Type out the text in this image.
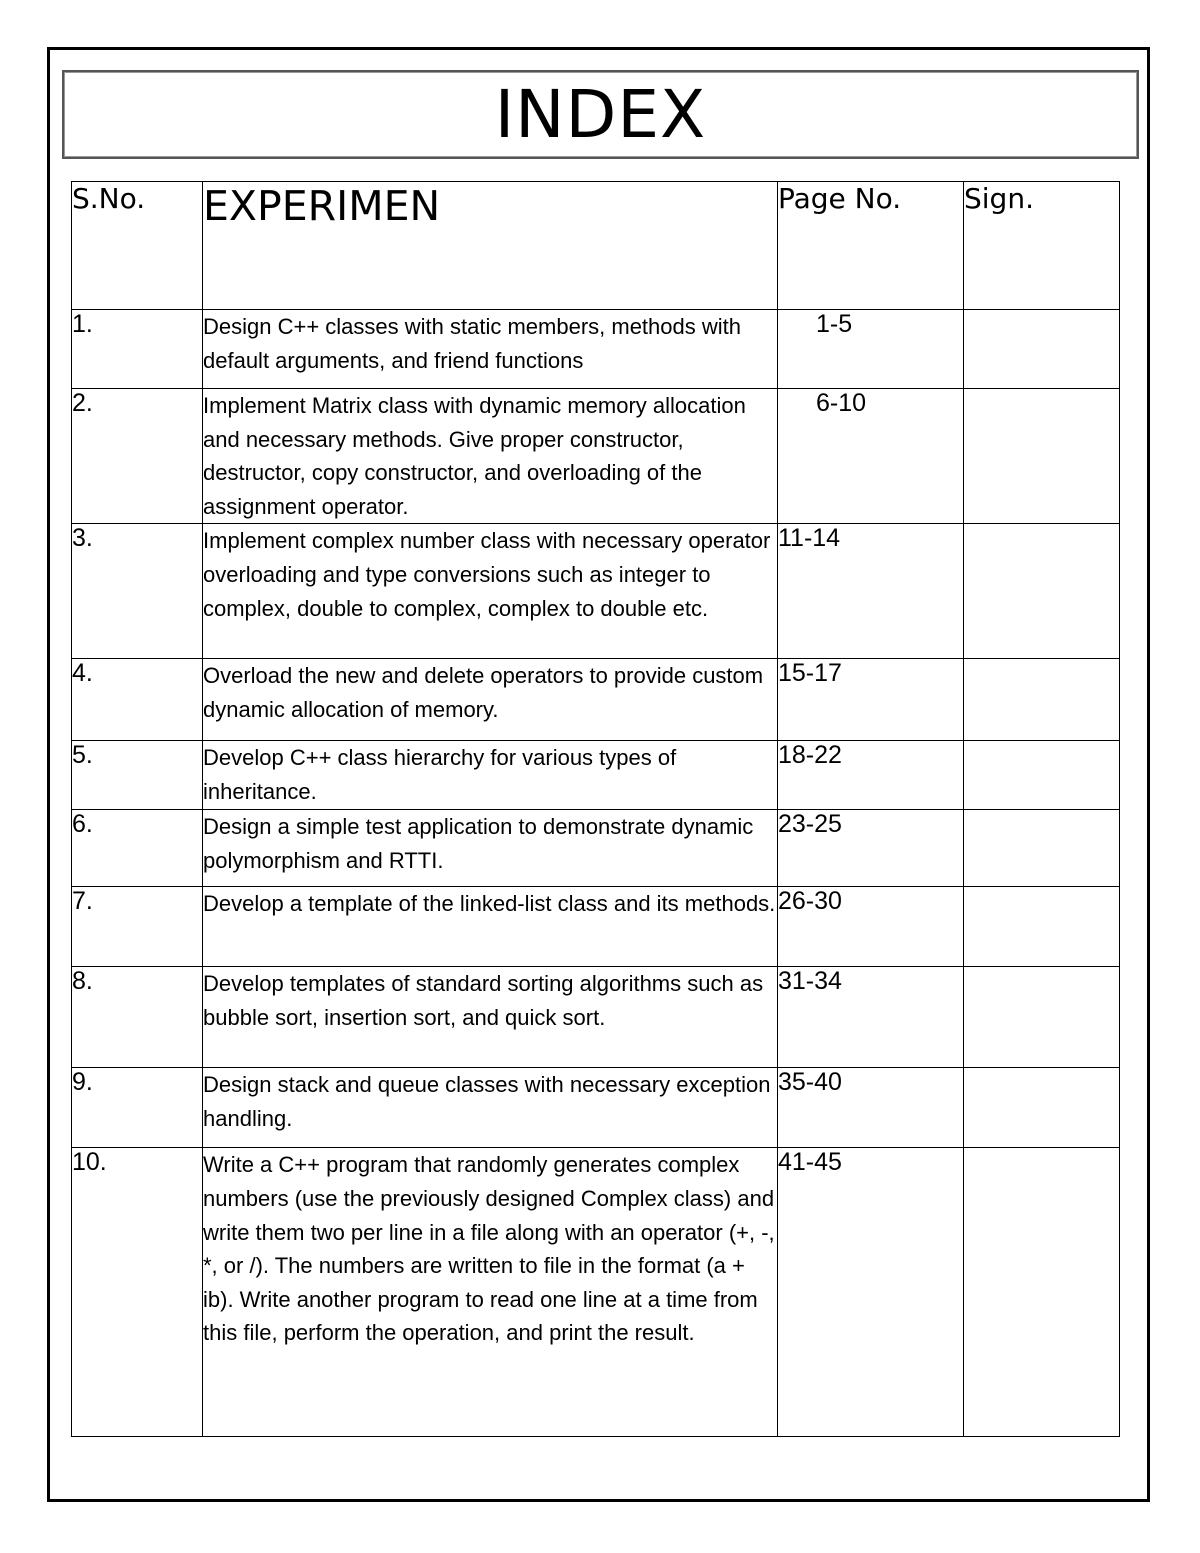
INDEX
S.No.	EXPERIMEN	Page No.	Sign.
1.	Design C++ classes with static members, methods with default arguments, and friend functions	1-5	
2.	Implement Matrix class with dynamic memory allocation and necessary methods. Give proper constructor, destructor, copy constructor, and overloading of the assignment operator.	6-10	
3.	Implement complex number class with necessary operator overloading and type conversions such as integer to complex, double to complex, complex to double etc.	11-14	
4.	Overload the new and delete operators to provide custom dynamic allocation of memory.	15-17	
5.	Develop C++ class hierarchy for various types of inheritance.	18-22	
6.	Design a simple test application to demonstrate dynamic polymorphism and RTTI.	23-25	
7.	Develop a template of the linked-list class and its methods.	26-30	
8.	Develop templates of standard sorting algorithms such as bubble sort, insertion sort, and quick sort.	31-34	
9.	Design stack and queue classes with necessary exception handling.	35-40	
10.	Write a C++ program that randomly generates complex numbers (use the previously designed Complex class) and write them two per line in a file along with an operator (+, -, *, or /). The numbers are written to file in the format (a + ib). Write another program to read one line at a time from this file, perform the operation, and print the result.	41-45	
